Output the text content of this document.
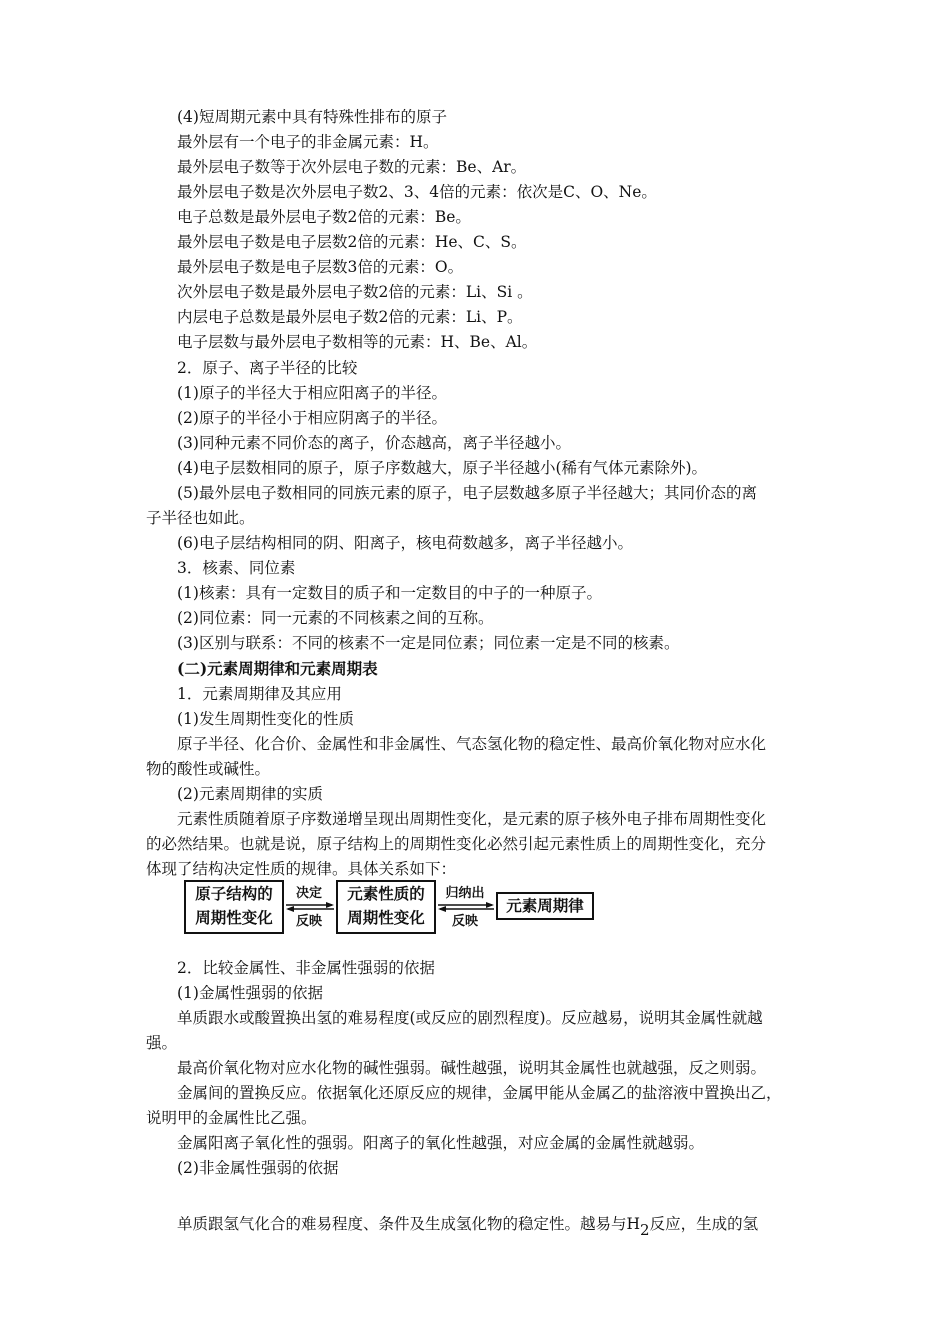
(4)短周期元素中具有特殊性排布的原子
最外层有一个电子的非金属元素：H。
最外层电子数等于次外层电子数的元素：Be、Ar。
最外层电子数是次外层电子数2、3、4倍的元素：依次是C、O、Ne。
电子总数是最外层电子数2倍的元素：Be。
最外层电子数是电子层数2倍的元素：He、C、S。
最外层电子数是电子层数3倍的元素：O。
次外层电子数是最外层电子数2倍的元素：Li、Si 。
内层电子总数是最外层电子数2倍的元素：Li、P。
电子层数与最外层电子数相等的元素：H、Be、Al。
2．原子、离子半径的比较
(1)原子的半径大于相应阳离子的半径。
(2)原子的半径小于相应阴离子的半径。
(3)同种元素不同价态的离子，价态越高，离子半径越小。
(4)电子层数相同的原子，原子序数越大，原子半径越小(稀有气体元素除外)。
(5)最外层电子数相同的同族元素的原子，电子层数越多原子半径越大；其同价态的离
子半径也如此。
(6)电子层结构相同的阴、阳离子，核电荷数越多，离子半径越小。
3．核素、同位素
(1)核素：具有一定数目的质子和一定数目的中子的一种原子。
(2)同位素：同一元素的不同核素之间的互称。
(3)区别与联系：不同的核素不一定是同位素；同位素一定是不同的核素。
(二)元素周期律和元素周期表
1．元素周期律及其应用
(1)发生周期性变化的性质
原子半径、化合价、金属性和非金属性、气态氢化物的稳定性、最高价氧化物对应水化
物的酸性或碱性。
(2)元素周期律的实质
元素性质随着原子序数递增呈现出周期性变化，是元素的原子核外电子排布周期性变化
的必然结果。也就是说，原子结构上的周期性变化必然引起元素性质上的周期性变化，充分
体现了结构决定性质的规律。具体关系如下：
2．比较金属性、非金属性强弱的依据
(1)金属性强弱的依据
单质跟水或酸置换出氢的难易程度(或反应的剧烈程度)。反应越易，说明其金属性就越
强。
最高价氧化物对应水化物的碱性强弱。碱性越强，说明其金属性也就越强，反之则弱。
金属间的置换反应。依据氧化还原反应的规律，金属甲能从金属乙的盐溶液中置换出乙，
说明甲的金属性比乙强。
金属阳离子氧化性的强弱。阳离子的氧化性越强，对应金属的金属性就越弱。
(2)非金属性强弱的依据
单质跟氢气化合的难易程度、条件及生成氢化物的稳定性。越易与H2反应，生成的氢
原子结构的
周期性变化
决定
反映
元素性质的
周期性变化
归纳出
反映
元素周期律
